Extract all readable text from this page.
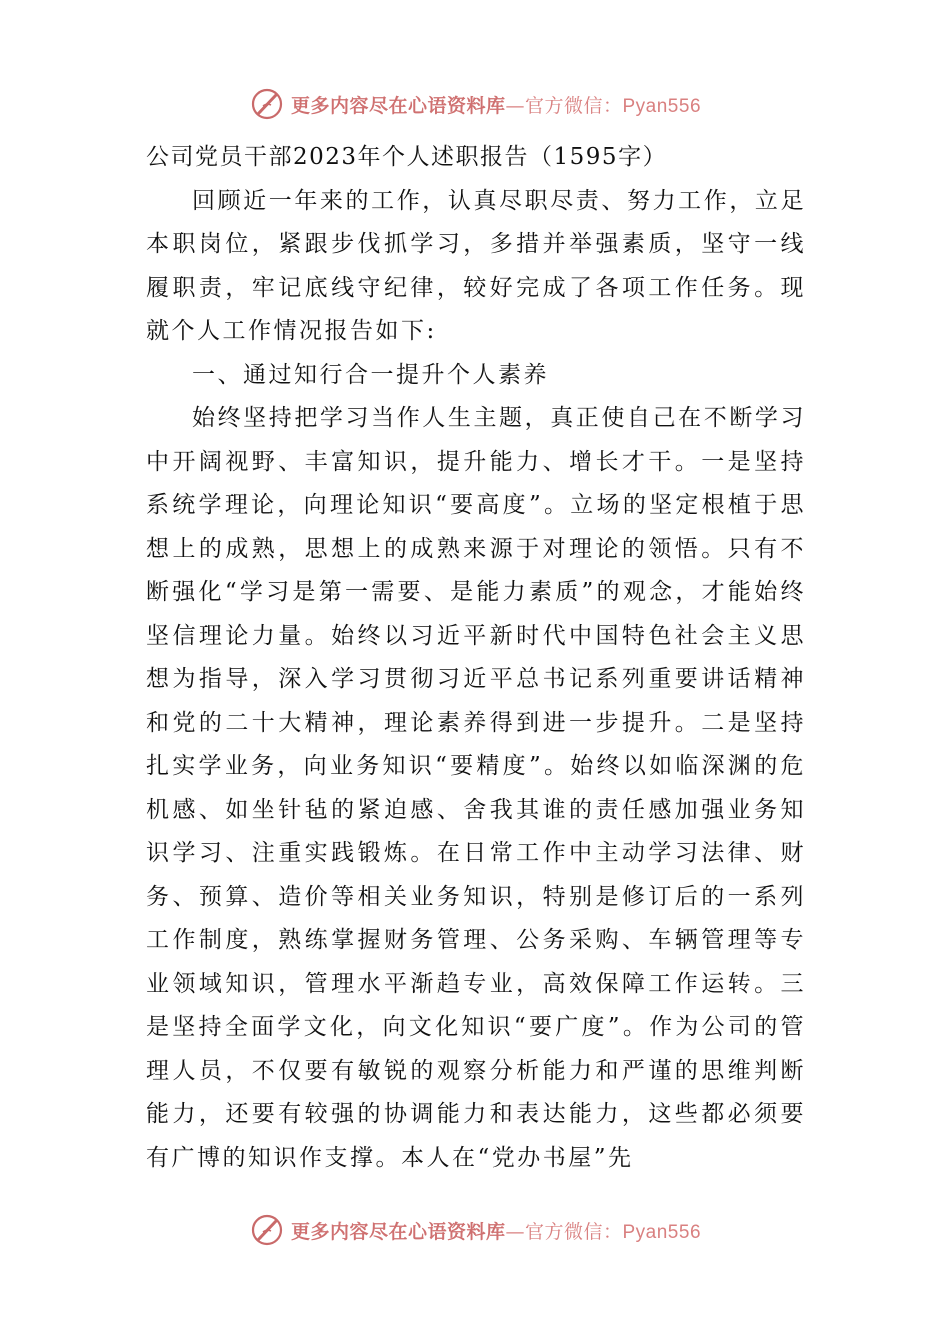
更多内容尽在心语资料库—官方微信：Pyan556
公司党员干部2023年个人述职报告（1595字）

回顾近一年来的工作，认真尽职尽责、努力工作，立足本职岗位，紧跟步伐抓学习，多措并举强素质，坚守一线履职责，牢记底线守纪律，较好完成了各项工作任务。现就个人工作情况报告如下:

一、通过知行合一提升个人素养

始终坚持把学习当作人生主题，真正使自己在不断学习中开阔视野、丰富知识，提升能力、增长才干。一是坚持系统学理论，向理论知识“要高度”。立场的坚定根植于思想上的成熟，思想上的成熟来源于对理论的领悟。只有不断强化“学习是第一需要、是能力素质”的观念，才能始终坚信理论力量。始终以习近平新时代中国特色社会主义思想为指导，深入学习贯彻习近平总书记系列重要讲话精神和党的二十大精神，理论素养得到进一步提升。二是坚持扎实学业务，向业务知识“要精度”。始终以如临深渊的危机感、如坐针毡的紧迫感、舍我其谁的责任感加强业务知识学习、注重实践锻炼。在日常工作中主动学习法律、财务、预算、造价等相关业务知识，特别是修订后的一系列工作制度，熟练掌握财务管理、公务采购、车辆管理等专业领域知识，管理水平渐趋专业，高效保障工作运转。三是坚持全面学文化，向文化知识“要广度”。作为公司的管理人员，不仅要有敏锐的观察分析能力和严谨的思维判断能力，还要有较强的协调能力和表达能力，这些都必须要有广博的知识作支撑。本人在“党办书屋”先

更多内容尽在心语资料库—官方微信：Pyan556
